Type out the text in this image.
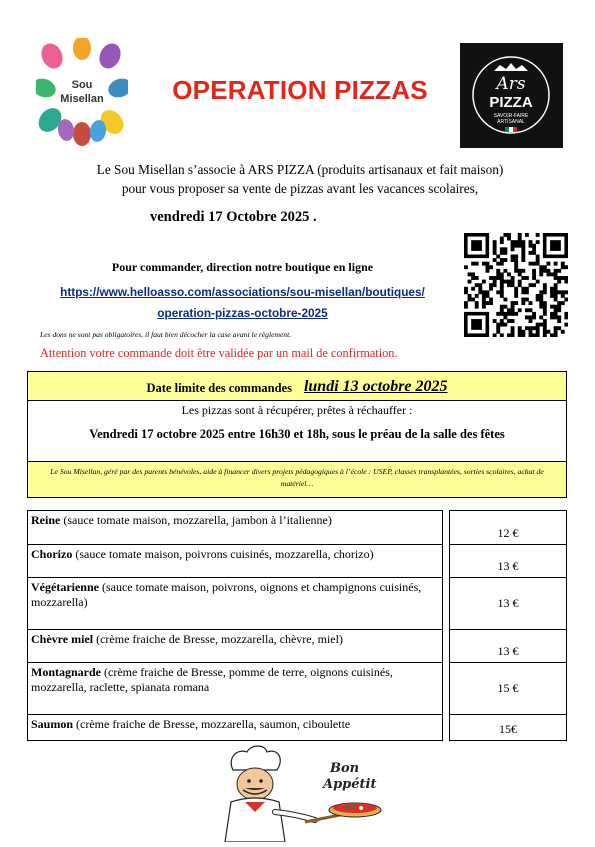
Sou
Misellan	OPERATION PIZZAS	Ars
PIZZA
SAVOIR-FAIRE
ARTISANAL
Le Sou Misellan s’associe à ARS PIZZA (produits artisanaux et fait maison)
pour vous proposer sa vente de pizzas avant les vacances scolaires,
vendredi 17 Octobre 2025 .
Pour commander, direction notre boutique en ligne
https://www.helloasso.com/associations/sou-misellan/boutiques/
operation-pizzas-octobre-2025
Les dons ne sont pas obligatoires, il faut bien décocher la case avant le règlement.
Attention votre commande doit être validée par un mail de confirmation.
$_{Date limite des commandes}$ lundi 13 octobre 2025
Les pizzas sont à récupérer, prêtes à réchauffer :
Vendredi 17 octobre 2025 entre 16h30 et 18h, sous le préau de la salle des fêtes
Le Sou Misellan, géré par des parents bénévoles, aide à financer divers projets pédagogiques à l’école : USEP, classes transplantées, sorties scolaires, achat de matériel…
Reine (sauce tomate maison, mozzarella, jambon à l’italienne)		12 €
Chorizo (sauce tomate maison, poivrons cuisinés, mozzarella, chorizo)		13 €
Végétarienne (sauce tomate maison, poivrons, oignons et champignons cuisinés, mozzarella)		13 €
Chèvre miel (crème fraiche de Bresse, mozzarella, chèvre, miel)		13 €
Montagnarde (crème fraiche de Bresse, pomme de terre, oignons cuisinés, mozzarella, raclette, spianata romana		15 €
Saumon (crème fraiche de Bresse, mozzarella, saumon, ciboulette		15€
Bon
Appétit
